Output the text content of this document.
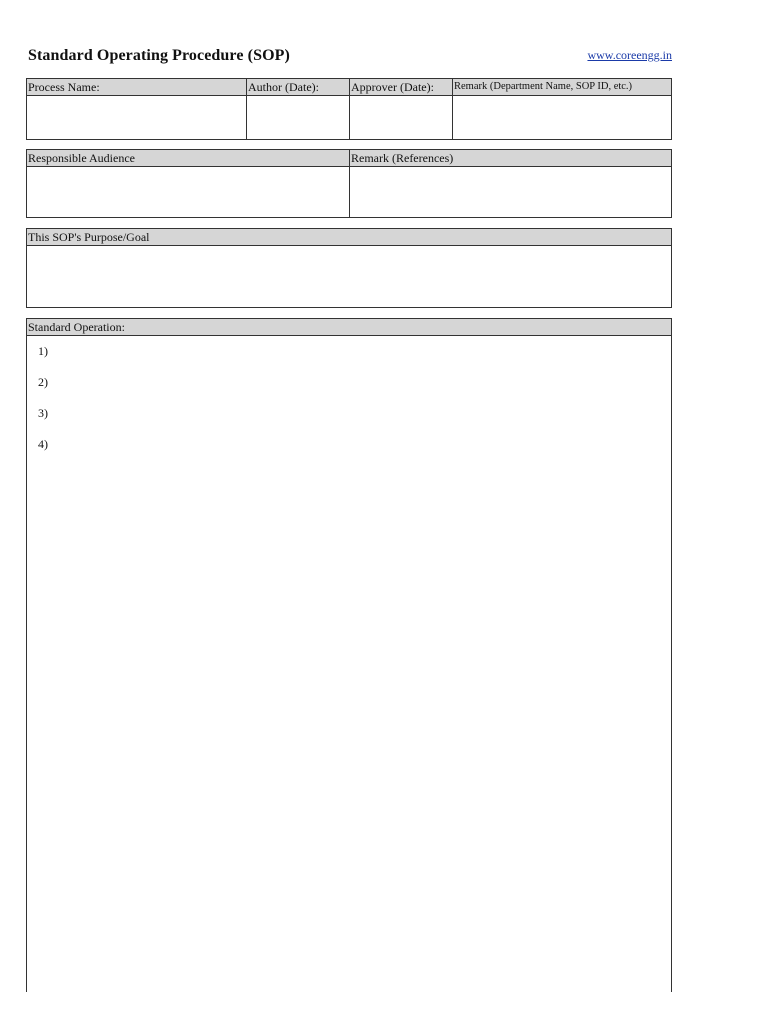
Standard Operating Procedure (SOP)	www.coreengg.in
Process Name:	Author (Date):	Approver (Date):	Remark (Department Name, SOP ID, etc.)
Responsible Audience	Remark (References)
This SOP's Purpose/Goal
Standard Operation:
1)
2)
3)
4)
